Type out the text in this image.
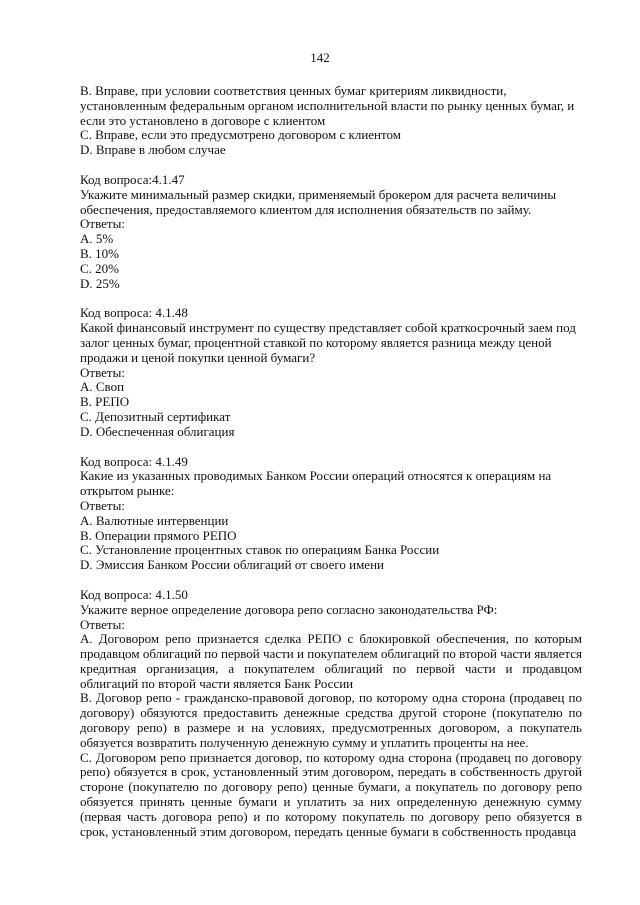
142

B. Вправе, при условии соответствия ценных бумаг критериям ликвидности, установленным федеральным органом исполнительной власти по рынку ценных бумаг, и если это установлено в договоре с клиентом

C. Вправе, если это предусмотрено договором с клиентом

D. Вправе в любом случае

Код вопроса:4.1.47

Укажите минимальный размер скидки, применяемый брокером для расчета величины обеспечения, предоставляемого клиентом для исполнения обязательств по займу.

Ответы:

A. 5%

B. 10%

C. 20%

D. 25%

Код вопроса: 4.1.48

Какой финансовый инструмент по существу представляет собой краткосрочный заем под залог ценных бумаг, процентной ставкой по которому является разница между ценой продажи и ценой покупки ценной бумаги?

Ответы:

A. Своп

B. РЕПО

C. Депозитный сертификат

D. Обеспеченная облигация

Код вопроса: 4.1.49

Какие из указанных проводимых Банком России операций относятся к операциям на открытом рынке:

Ответы:

A. Валютные интервенции

B. Операции прямого РЕПО

C. Установление процентных ставок по операциям Банка России

D. Эмиссия Банком России облигаций от своего имени

Код вопроса: 4.1.50

Укажите верное определение договора репо согласно законодательства РФ:

Ответы:

A. Договором репо признается сделка РЕПО с блокировкой обеспечения, по которым продавцом облигаций по первой части и покупателем облигаций по второй части является кредитная организация, а покупателем облигаций по первой части и продавцом облигаций по второй части является Банк России

B. Договор репо - гражданско-правовой договор, по которому одна сторона (продавец по договору) обязуются предоставить денежные средства другой стороне (покупателю по договору репо) в размере и на условиях, предусмотренных договором, а покупатель обязуется возвратить полученную денежную сумму и уплатить проценты на нее.

C. Договором репо признается договор, по которому одна сторона (продавец по договору репо) обязуется в срок, установленный этим договором, передать в собственность другой стороне (покупателю по договору репо) ценные бумаги, а покупатель по договору репо обязуется принять ценные бумаги и уплатить за них определенную денежную сумму (первая часть договора репо) и по которому покупатель по договору репо обязуется в срок, установленный этим договором, передать ценные бумаги в собственность продавца
